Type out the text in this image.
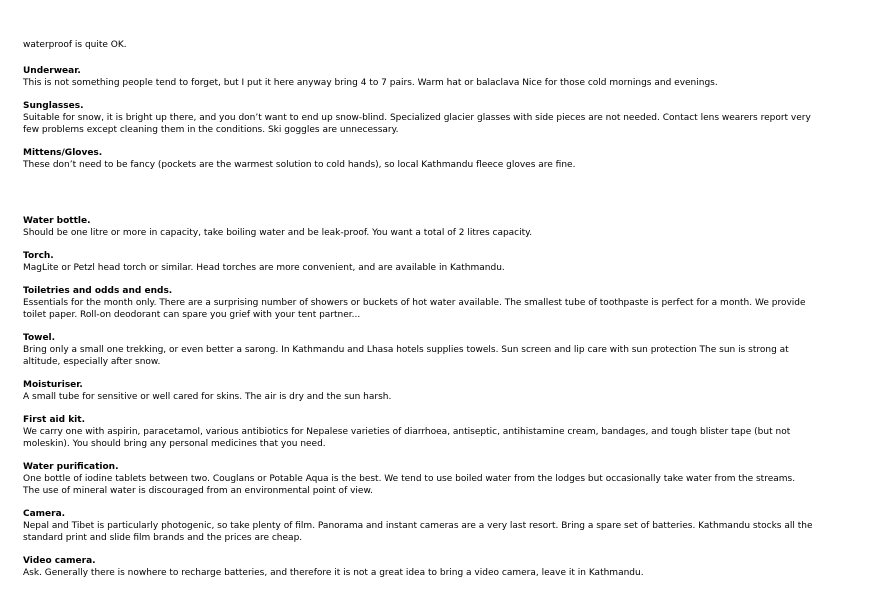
waterproof is quite OK.

Underwear.

This is not something people tend to forget, but I put it here anyway bring 4 to 7 pairs. Warm hat or balaclava Nice for those cold mornings and evenings.

Sunglasses.

Suitable for snow, it is bright up there, and you don’t want to end up snow-blind. Specialized glacier glasses with side pieces are not needed. Contact lens wearers report very few problems except cleaning them in the conditions. Ski goggles are unnecessary.

Mittens/Gloves.

These don’t need to be fancy (pockets are the warmest solution to cold hands), so local Kathmandu fleece gloves are fine.

Water bottle.

Should be one litre or more in capacity, take boiling water and be leak-proof. You want a total of 2 litres capacity.

Torch.

MagLite or Petzl head torch or similar. Head torches are more convenient, and are available in Kathmandu.

Toiletries and odds and ends.

Essentials for the month only. There are a surprising number of showers or buckets of hot water available. The smallest tube of toothpaste is perfect for a month. We provide toilet paper. Roll-on deodorant can spare you grief with your tent partner...

Towel.

Bring only a small one trekking, or even better a sarong. In Kathmandu and Lhasa hotels supplies towels. Sun screen and lip care with sun protection The sun is strong at altitude, especially after snow.

Moisturiser.

A small tube for sensitive or well cared for skins. The air is dry and the sun harsh.

First aid kit.

We carry one with aspirin, paracetamol, various antibiotics for Nepalese varieties of diarrhoea, antiseptic, antihistamine cream, bandages, and tough blister tape (but not moleskin). You should bring any personal medicines that you need.

Water purification.

One bottle of iodine tablets between two. Couglans or Potable Aqua is the best. We tend to use boiled water from the lodges but occasionally take water from the streams. The use of mineral water is discouraged from an environmental point of view.

Camera.

Nepal and Tibet is particularly photogenic, so take plenty of film. Panorama and instant cameras are a very last resort. Bring a spare set of batteries. Kathmandu stocks all the standard print and slide film brands and the prices are cheap.

Video camera.

Ask. Generally there is nowhere to recharge batteries, and therefore it is not a great idea to bring a video camera, leave it in Kathmandu.
